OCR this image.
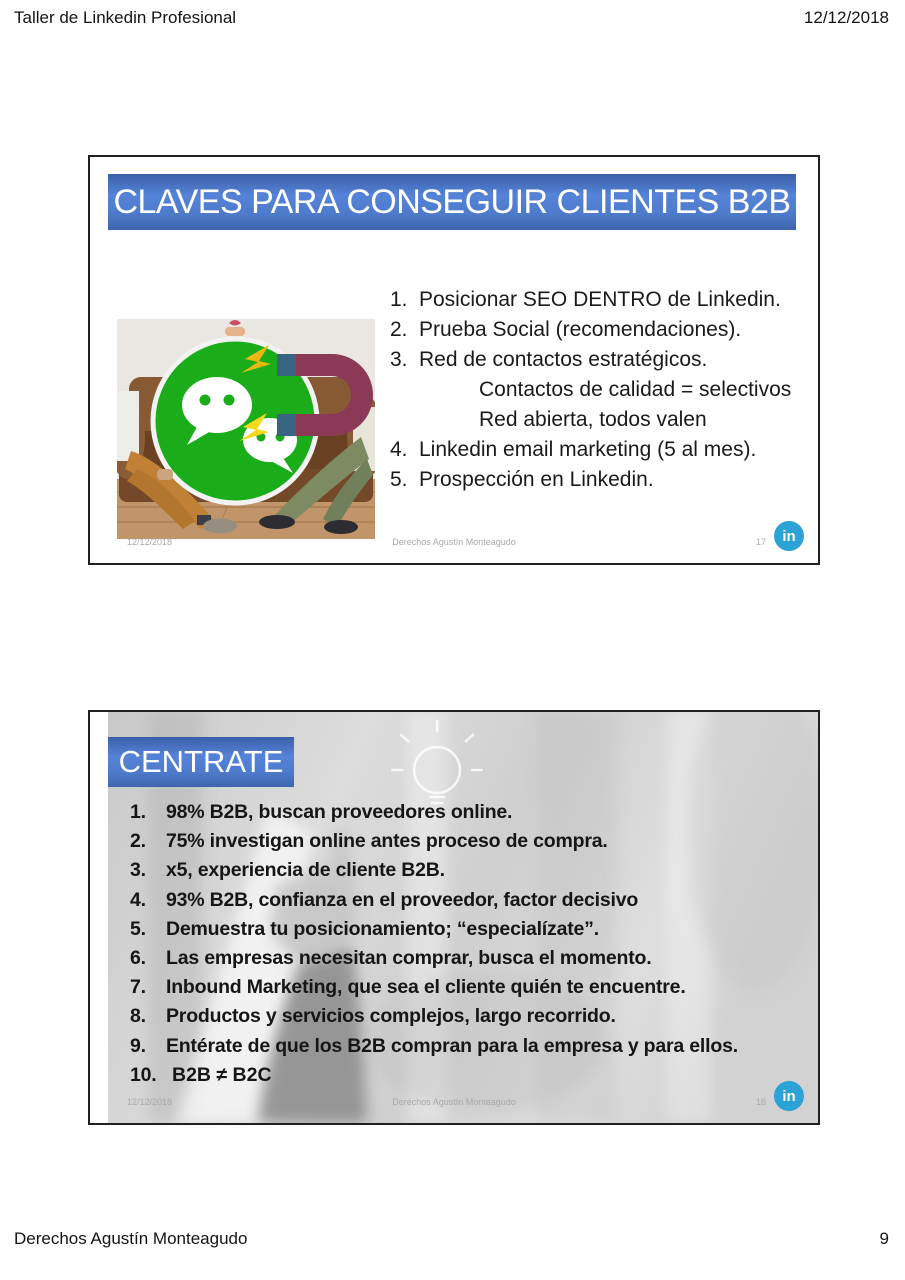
Taller de Linkedin Profesional	12/12/2018
CLAVES PARA CONSEGUIR CLIENTES B2B
1. Posicionar SEO DENTRO de Linkedin.
2. Prueba Social (recomendaciones).
3. Red de contactos estratégicos.
Contactos de calidad = selectivos
Red abierta, todos valen
4. Linkedin email marketing (5 al mes).
5. Prospección en Linkedin.
12/12/2018	Derechos Agustín Monteagudo	17	in
CENTRATE
1.	98% B2B, buscan proveedores online.
2.	75% investigan online antes proceso de compra.
3.	x5, experiencia de cliente B2B.
4.	93% B2B, confianza en el proveedor, factor decisivo
5.	Demuestra tu posicionamiento; “especialízate”.
6.	Las empresas necesitan comprar, busca el momento.
7.	Inbound Marketing, que sea el cliente quién te encuentre.
8.	Productos y servicios complejos, largo recorrido.
9.	Entérate de que los B2B compran para la empresa y para ellos.
10. B2B ≠ B2C
12/12/2018	Derechos Agustín Monteagudo	18	in
Derechos Agustín Monteagudo	9
